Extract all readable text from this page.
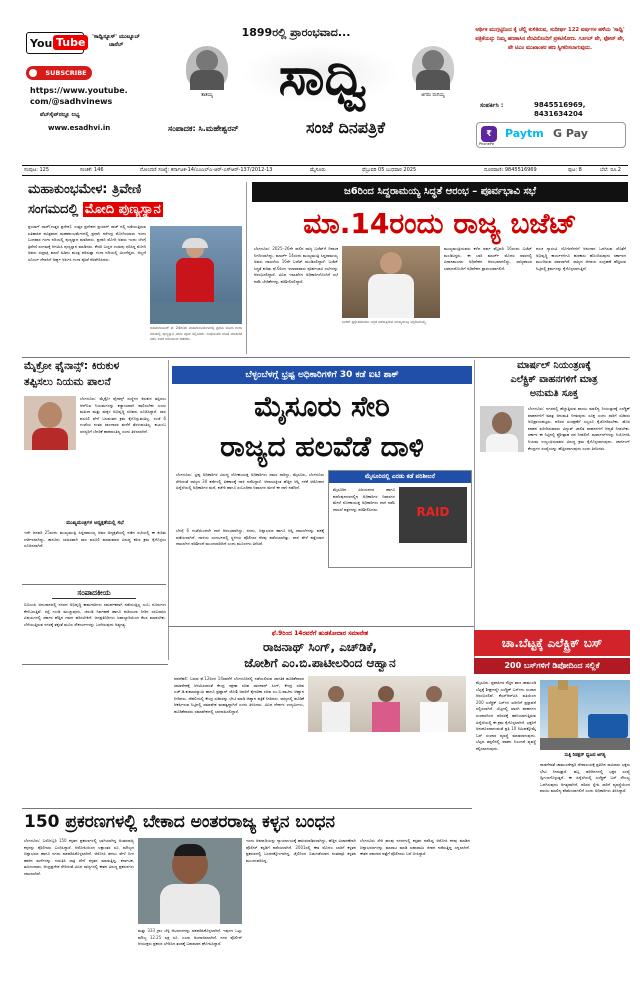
You Tube	'ಸಾಧ್ವಿನ್ಯೂಸ್' ಯುಟ್ಯೂಬ್ ಚಾನೆಲ್
SUBSCRIBE
https://www.youtube.
com/@sadhvinews
ವೆಬ್‌ಸೈಟ್‌ನಲ್ಲೂ ಲಭ್ಯ
www.esadhvi.in
1899ರಲ್ಲಿ ಪ್ರಾರಂಭವಾದ...
ತಾತಯ್ಯ	ಸಾಧ್ವಿ	ಆಗರಂ ರಂಗಯ್ಯ
ಸಂಪಾದಕ: ಸಿ.ಮಹೇಶ್ವರನ್	ಸಂಜೆ ದಿನಪತ್ರಿಕೆ
ಆರ್ಥಿಕ ಮುಗ್ಗಟ್ಟಿನಿಂದ ಕೈ ಚೆಲ್ಲಿ ಕುಳಿತಿರುವ, ಸುದೀರ್ಘ 122 ವರ್ಷಗಳ ಹಳೆಯ 'ಸಾಧ್ವಿ' ಪತ್ರಿಕೆಯನ್ನು ನಿಮ್ಮ ಹಣಕಾಸಿನ ನೆರವಿನೊಂದಿಗೆ ಪ್ರಕಟಿಸೋಣ. ಗೂಗಲ್ ಪೇ, ಫೋನ್ ಪೇ, ಪೇ ಟಿಎಂ ಮುಖಾಂತರ ಹಣ ಸ್ವೀಕರಿಸಲಾಗುವುದು.
ಸಂಪರ್ಕಿಸಿ :	9845516969,
8431634204
₹
PhonePe
Paytm G Pay
ಸಂಪುಟ: 125	ಸಂಚಿಕೆ: 146	ನೋಂದಣಿ ಸಂಖ್ಯೆ: ಕರ್ನಾಟಕ-14/ಎಂಎಲ್ಎ-ಆರ್-ಎಸ್‌ಆರ್-137/2012-13	ಮೈಸೂರು	ಫೆಬ್ರುವರಿ 05 ಬುಧವಾರ 2025	ದೂರವಾಣಿ: 9845516969	ಪುಟ: 8	ಬೆಲೆ: ರೂ.2
ಮಹಾಕುಂಭಮೇಳ: ತ್ರಿವೇಣಿ
ಸಂಗಮದಲ್ಲಿ ಮೋದಿ ಪುಣ್ಯಸ್ನಾನ
ಪ್ರಯಾಗ್ ರಾಜ್(ಉತ್ತರ ಪ್ರದೇಶ): ಉತ್ತರ ಪ್ರದೇಶದ ಪ್ರಯಾಗ್ ರಾಜ್ ನಲ್ಲಿ ನಡೆಯುತ್ತಿರುವ ಐತಿಹಾಸಿಕ ಪವಿತ್ರವಾದ ಮಹಾಕುಂಭಮೇಳದಲ್ಲಿ ಪ್ರಧಾನಿ ನರೇಂದ್ರ ಮೋದಿಯವರು ಇಂದು ಬುಧವಾರ ಗಂಗಾ ನದಿಯಲ್ಲಿ ಪುಣ್ಯಸ್ನಾನ ಮಾಡಿದರು. ಪ್ರಧಾನಿ ಮೋದಿ ಅವರು ಇಂದು ಬೆಳಗ್ಗೆ ತ್ರಿವೇಣಿ ಸಂಗಮಕ್ಕೆ ಆಗಮಿಸಿ ಪುಣ್ಯಸ್ನಾನ ಮಾಡಿದರು. ಕೇಸರಿ ಬಣ್ಣದ ಉಡುಪು ಧರಿಸಿದ್ದ ಮೋದಿ ಅವರು ರುದ್ರಾಕ್ಷಿ ಮಾಲೆ ಹಿಡಿದು ಮಂತ್ರ ಪಠಿಸುತ್ತಾ ಗಂಗಾ ನದಿಯಲ್ಲಿ ಮಿಂದೆದ್ದರು. ಅಲ್ಲದೆ ಸೂರ್ಯ ದೇವನಿಗೆ ಅರ್ಘ್ಯ ಅರ್ಪಿಸಿ ಗಂಗಾ ಪೂಜೆ ನೆರವೇರಿಸಿದರು.
ಅಹಮದಾಬಾದ್ ಫೆ. 24ರಂದು ಮಹಾಕುಂಭಮೇಳದಲ್ಲಿ ಪ್ರಧಾನಿ ಮೋದಿ ಗಂಗಾ ನದಿಯಲ್ಲಿ ಪುಣ್ಯಸ್ನಾನ ಮಾಡಿ ಪೂಜೆ ಸಲ್ಲಿಸಿದರು. ಸಾಧುಸಂತರ ಜೊತೆ ಮಾತುಕತೆ ನಡೆಸಿ ಅವರ ಆಶೀರ್ವಾದ ಪಡೆದರು.
ಜ6ರಿಂದ ಸಿದ್ದರಾಮಯ್ಯ ಸಿದ್ಧತೆ ಆರಂಭ – ಪೂರ್ವಭಾವಿ ಸಭೆ
ಮಾ.14ರಂದು ರಾಜ್ಯ ಬಜೆಟ್
ಬೆಂಗಳೂರು: 2025–26ನೇ ಸಾಲಿನ ರಾಜ್ಯ ಬಜೆಟ್‌ಗೆ ದಿನಾಂಕ ನಿಗದಿಯಾಗಿದ್ದು, ಮಾರ್ಚ್ 14ರಂದು ಮುಖ್ಯಮಂತ್ರಿ ಸಿದ್ದರಾಮಯ್ಯ ಅವರು ದಾಖಲೆಯ 16ನೇ ಬಜೆಟ್ ಮಂಡಿಸಲಿದ್ದಾರೆ. ಬಜೆಟ್ ಸಿದ್ಧತೆ ಕುರಿತು ಫೆ.6ರಿಂದ ಇಲಾಖಾವಾರು ಪೂರ್ವಭಾವಿ ಸಭೆಗಳನ್ನು ಆರಂಭಿಸಲಿದ್ದಾರೆ. ವಿವಿಧ ಇಲಾಖೆಗಳ ಅಧಿಕಾರಿಗಳೊಂದಿಗೆ ಸಭೆ ನಡೆಸಿ ಬೇಡಿಕೆಗಳನ್ನು ಪರಿಶೀಲಿಸಲಿದ್ದಾರೆ.
ಬಜೆಟ್ ಪ್ರಸ್ತುತಪಡಿಸಲು ಸಿದ್ಧತೆ ನಡೆಸುತ್ತಿರುವ ಮುಖ್ಯಮಂತ್ರಿ ಸಿದ್ದರಾಮಯ್ಯ.
ಮುಖ್ಯಮಂತ್ರಿಯವರು ಕಳೆದ ವರ್ಷ ಫೆಬ್ರವರಿ 16ರಂದು ಬಜೆಟ್ ಮಂಡಿಸಿದ್ದರು. ಈ ಬಾರಿ ಮಾರ್ಚ್ ಮೊದಲ ವಾರದಲ್ಲಿ ವಿಧಾನಮಂಡಲ ಅಧಿವೇಶನ ಆರಂಭವಾಗಲಿದ್ದು, ರಾಜ್ಯಪಾಲರ ಭಾಷಣದೊಂದಿಗೆ ಅಧಿವೇಶನ ಪ್ರಾರಂಭವಾಗಲಿದೆ.
ಪಂಚ ಗ್ಯಾರಂಟಿ ಯೋಜನೆಗಳಿಗೆ ಅನುದಾನ ಒದಗಿಸುವ ಜೊತೆಗೆ ಅಭಿವೃದ್ಧಿ ಕಾರ್ಯಗಳಿಗೂ ಹಣಕಾಸು ಹೊಂದಿಸುವುದು ಸರ್ಕಾರದ ಮುಂದಿರುವ ಸವಾಲಾಗಿದೆ. ರಾಜ್ಯದ ಆದಾಯ ಸಂಗ್ರಹಣೆ ಹೆಚ್ಚಿಸುವ ನಿಟ್ಟಿನಲ್ಲಿ ಕ್ರಮಗಳನ್ನು ಕೈಗೊಳ್ಳಲಾಗುತ್ತಿದೆ.
ಮೈಕ್ರೋ ಫೈನಾನ್ಸ್: ಕಿರುಕುಳ
ತಪ್ಪಿಸಲು ನಿಯಮ ಪಾಲನೆ
ಬೆಂಗಳೂರು: ಮೈಕ್ರೋ ಫೈನಾನ್ಸ್ ಸಂಸ್ಥೆಗಳ ಕಿರುಕುಳ ತಪ್ಪಿಸಲು ಆರ್‌ಬಿಐ ನಿಯಮಗಳನ್ನು ಕಡ್ಡಾಯವಾಗಿ ಪಾಲಿಸಬೇಕು ಎಂದು ಮಹಿಳಾ ಮತ್ತು ಮಕ್ಕಳ ಅಭಿವೃದ್ಧಿ ಸಚಿವರು ಸೂಚಿಸಿದ್ದಾರೆ. ಸಾಲ ವಸೂಲಿ ವೇಳೆ ಬಲವಂತದ ಕ್ರಮ ಕೈಗೊಳ್ಳುವಂತಿಲ್ಲ. ಸಂಜೆ 6 ಗಂಟೆಯ ನಂತರ ಸಾಲಗಾರರ ಮನೆಗೆ ತೆರಳುವಂತಿಲ್ಲ. ಕುಟುಂಬ ಸದಸ್ಯರಿಗೆ ಬೆದರಿಕೆ ಹಾಕುವಂತಿಲ್ಲ ಎಂದು ತಿಳಿಸಲಾಗಿದೆ.
ಮುಖ್ಯಮಂತ್ರಿಗಳ ಅಧ್ಯಕ್ಷತೆಯಲ್ಲಿ ಸಭೆ
ಇದೇ ಜನವರಿ 25ರಂದು ಮುಖ್ಯಮಂತ್ರಿ ಸಿದ್ದರಾಮಯ್ಯ ಅವರ ಅಧ್ಯಕ್ಷತೆಯಲ್ಲಿ ನಡೆದ ಸಭೆಯಲ್ಲಿ ಈ ಕುರಿತು ಚರ್ಚಿಸಲಾಗಿದ್ದು, ಕಾನೂನು ಬಾಹಿರವಾಗಿ ಸಾಲ ವಸೂಲಿ ಮಾಡುವವರ ವಿರುದ್ಧ ಕಠಿಣ ಕ್ರಮ ಕೈಗೊಳ್ಳಲು ಸೂಚಿಸಲಾಗಿದೆ.
ಸಂಪಾದಕೀಯ
ಬಿಬಿಎಂಪಿ ಅನುದಾನದಲ್ಲಿ ನಗರದ ಅಭಿವೃದ್ಧಿ ಕಾಮಗಾರಿಗಳು ಸಮರ್ಪಕವಾಗಿ ನಡೆಯುತ್ತಿಲ್ಲ ಎಂಬ ದೂರುಗಳು ಕೇಳಿಬರುತ್ತಿವೆ. ರಸ್ತೆ ಗುಂಡಿ ಮುಚ್ಚುವುದು, ಚರಂಡಿ ನಿರ್ವಹಣೆ ಹಾಗೂ ಕುಡಿಯುವ ನೀರಿನ ಸರಬರಾಜು ವಿಷಯಗಳಲ್ಲಿ ಸರ್ಕಾರ ಹೆಚ್ಚಿನ ಗಮನ ಹರಿಸಬೇಕಿದೆ. ಜನಪ್ರತಿನಿಧಿಗಳು ಜವಾಬ್ದಾರಿಯಿಂದ ಕೆಲಸ ಮಾಡಬೇಕು. ಬೆಳೆಯುತ್ತಿರುವ ನಗರಕ್ಕೆ ತಕ್ಕಂತೆ ಮೂಲ ಸೌಕರ್ಯಗಳನ್ನು ಒದಗಿಸುವುದು ಅತ್ಯಗತ್ಯ.
ಬೆಳ್ಳಂಬೆಳಗ್ಗೆ ಭ್ರಷ್ಟ ಅಧಿಕಾರಿಗಳಿಗೆ 30 ಕಡೆ ಐಟಿ ಶಾಕ್
ಮೈಸೂರು ಸೇರಿ
ರಾಜ್ಯದ ಹಲವೆಡೆ ದಾಳಿ
ಬೆಂಗಳೂರು: ಭ್ರಷ್ಟ ಅಧಿಕಾರಿಗಳ ವಿರುದ್ಧ ಲೋಕಾಯುಕ್ತ ಅಧಿಕಾರಿಗಳು ಸಮರ ಸಾರಿದ್ದು, ಮೈಸೂರು, ಬೆಂಗಳೂರು ಸೇರಿದಂತೆ ರಾಜ್ಯದ 30 ಕಡೆಗಳಲ್ಲಿ ಏಕಕಾಲಕ್ಕೆ ದಾಳಿ ನಡೆಸಿದ್ದಾರೆ. ಆದಾಯಕ್ಕಿಂತ ಹೆಚ್ಚಿನ ಆಸ್ತಿ ಗಳಿಕೆ ಆರೋಪದ ಹಿನ್ನೆಲೆಯಲ್ಲಿ ಅಧಿಕಾರಿಗಳ ಮನೆ, ಕಚೇರಿ ಹಾಗೂ ಸಂಬಂಧಿಕರ ನಿವಾಸಗಳ ಮೇಲೆ ಈ ದಾಳಿ ನಡೆದಿದೆ.
ಮೈಸೂರಿನಲ್ಲಿ ಎರಡು ಕಡೆ ಪರಿಶೀಲನೆ
ಮೈಸೂರಿನ ವಿಜಯನಗರ ಹಾಗೂ ಕುವೆಂಪುನಗರದಲ್ಲಿನ ಅಧಿಕಾರಿಗಳ ನಿವಾಸಗಳ ಮೇಲೆ ಲೋಕಾಯುಕ್ತ ಅಧಿಕಾರಿಗಳು ದಾಳಿ ನಡೆಸಿ ದಾಖಲೆ ಪತ್ರಗಳನ್ನು ಪರಿಶೀಲಿಸಿದರು.	RAID
ಬೆಳಗ್ಗೆ 6 ಗಂಟೆಯಿಂದಲೇ ದಾಳಿ ಆರಂಭವಾಗಿದ್ದು, ನಗದು, ಚಿನ್ನಾಭರಣ ಹಾಗೂ ಆಸ್ತಿ ದಾಖಲೆಗಳನ್ನು ವಶಕ್ಕೆ ಪಡೆಯಲಾಗಿದೆ. ದಾಳಿಯ ಸಂದರ್ಭದಲ್ಲಿ ಸ್ಥಳೀಯ ಪೊಲೀಸರ ನೆರವು ಪಡೆಯಲಾಗಿತ್ತು. ದಾಳಿ ವೇಳೆ ಪತ್ತೆಯಾದ ದಾಖಲೆಗಳ ಪರಿಶೀಲನೆ ಮುಂದುವರಿದಿದೆ ಎಂದು ಮೂಲಗಳು ತಿಳಿಸಿವೆ.
ಮಾರ್ಷಲ್ ನಿಯಂತ್ರಣಕ್ಕೆ
ಎಲೆಕ್ಟ್ರಿಕ್ ವಾಹನಗಳಿಗೆ ಮಾತ್ರ
ಅನುಮತಿ ಸೂಕ್ತ
ಬೆಂಗಳೂರು: ನಗರದಲ್ಲಿ ಹೆಚ್ಚುತ್ತಿರುವ ವಾಯು ಮಾಲಿನ್ಯ ನಿಯಂತ್ರಣಕ್ಕೆ ಎಲೆಕ್ಟ್ರಿಕ್ ವಾಹನಗಳಿಗೆ ಮಾತ್ರ ಅನುಮತಿ ನೀಡುವುದು ಸೂಕ್ತ ಎಂದು ಸಾರಿಗೆ ಸಚಿವರು ಅಭಿಪ್ರಾಯಪಟ್ಟರು. ಪರಿಸರ ಸಂರಕ್ಷಣೆಗೆ ಎಲ್ಲರೂ ಕೈಜೋಡಿಸಬೇಕು. ಹೊಸ ವಾಹನ ಖರೀದಿಸುವವರು ವಿದ್ಯುತ್ ಚಾಲಿತ ವಾಹನಗಳಿಗೆ ಆದ್ಯತೆ ನೀಡಬೇಕು. ಸರ್ಕಾರ ಈ ನಿಟ್ಟಿನಲ್ಲಿ ಪ್ರೋತ್ಸಾಹ ಧನ ನೀಡಲಿದೆ. ಮಾರ್ಷಲ್‌ಗಳನ್ನು ನಿಯೋಜಿಸಿ ನಿಯಮ ಉಲ್ಲಂಘಿಸುವವರ ವಿರುದ್ಧ ಕ್ರಮ ಕೈಗೊಳ್ಳಲಾಗುವುದು. ಚಾರ್ಜಿಂಗ್ ಕೇಂದ್ರಗಳ ಸಂಖ್ಯೆಯನ್ನು ಹೆಚ್ಚಿಸಲಾಗುವುದು ಎಂದು ತಿಳಿಸಿದರು.
ಫೆ.9ರಿಂದ 14ರವರೆಗೆ ಹುಡಕೋದಾರ ಸಮಾವೇಶ
ರಾಜನಾಥ್ ಸಿಂಗ್, ಎಚ್‌ಡಿಕೆ,
ಜೋಶಿಗೆ ಎಂ.ಬಿ.ಪಾಟೀಲರಿಂದ ಆಹ್ವಾನ
ನವದೆಹಲಿ: ಬರುವ ಫೆ.12ರಿಂದ 14ರವರೆಗೆ ಬೆಂಗಳೂರಿನಲ್ಲಿ ನಡೆಯಲಿರುವ ಜಾಗತಿಕ ಹೂಡಿಕೆದಾರರ ಸಮಾವೇಶಕ್ಕೆ ಆಗಮಿಸುವಂತೆ ಕೇಂದ್ರ ರಕ್ಷಣಾ ಸಚಿವ ರಾಜನಾಥ್ ಸಿಂಗ್, ಕೇಂದ್ರ ಸಚಿವ ಎಚ್.ಡಿ.ಕುಮಾರಸ್ವಾಮಿ ಹಾಗೂ ಪ್ರಹ್ಲಾದ್ ಜೋಶಿ ಅವರಿಗೆ ಕೈಗಾರಿಕಾ ಸಚಿವ ಎಂ.ಬಿ.ಪಾಟೀಲ ಆಹ್ವಾನ ನೀಡಿದರು. ದೆಹಲಿಯಲ್ಲಿ ಕೇಂದ್ರ ಸಚಿವರನ್ನು ಭೇಟಿ ಮಾಡಿ ಆಹ್ವಾನ ಪತ್ರಿಕೆ ನೀಡಿದರು. ರಾಜ್ಯದಲ್ಲಿ ಹೂಡಿಕೆ ಆಕರ್ಷಿಸುವ ನಿಟ್ಟಿನಲ್ಲಿ ಸಮಾವೇಶ ಮಹತ್ವದ್ದಾಗಿದೆ ಎಂದು ತಿಳಿಸಿದರು. ವಿವಿಧ ದೇಶಗಳ ಉದ್ಯಮಿಗಳು, ಹೂಡಿಕೆದಾರರು ಸಮಾವೇಶದಲ್ಲಿ ಭಾಗವಹಿಸಲಿದ್ದಾರೆ.
ಚಾ.ಬೆಟ್ಟಕ್ಕೆ ಎಲೆಕ್ಟ್ರಿಕ್ ಬಸ್
200 ಬಸ್‌ಗಳಿಗೆ ಡಿಪೋದಿಂದ ಸಲ್ಲಿಕೆ
ಮೈಸೂರು: ಪ್ರವಾಸಿಗರ ನೆಚ್ಚಿನ ತಾಣ ಚಾಮುಂಡಿ ಬೆಟ್ಟಕ್ಕೆ ಶೀಘ್ರದಲ್ಲೇ ಎಲೆಕ್ಟ್ರಿಕ್ ಬಸ್‌ಗಳು ಸಂಚಾರ ಆರಂಭಿಸಲಿವೆ. ಕೆಎಸ್‌ಆರ್‌ಟಿಸಿ ವತಿಯಿಂದ 200 ಎಲೆಕ್ಟ್ರಿಕ್ ಬಸ್‌ಗಳ ಖರೀದಿಗೆ ಪ್ರಸ್ತಾವನೆ ಸಲ್ಲಿಸಲಾಗಿದೆ. ಬೆಟ್ಟದಲ್ಲಿ ಖಾಸಗಿ ವಾಹನಗಳ ಸಂಚಾರದಿಂದ ಪರಿಸರಕ್ಕೆ ಹಾನಿಯಾಗುತ್ತಿರುವ ಹಿನ್ನೆಲೆಯಲ್ಲಿ ಈ ಕ್ರಮ ಕೈಗೊಳ್ಳಲಾಗಿದೆ. ಭಕ್ತರಿಗೆ ಅನುಕೂಲವಾಗುವಂತೆ ಪ್ರತಿ 10 ನಿಮಿಷಕ್ಕೊಮ್ಮೆ ಬಸ್ ಸಂಚಾರ ವ್ಯವಸ್ಥೆ ಮಾಡಲಾಗುವುದು. ಬೆಟ್ಟದ ತಪ್ಪಲಿನಲ್ಲಿ ವಾಹನ ನಿಲುಗಡೆ ವ್ಯವಸ್ಥೆ ಕಲ್ಪಿಸಲಾಗುವುದು.
ಸುತ್ತಿ ರಿಡಕ್ಷನ್ ಧ್ವಜದ ಅಗತ್ಯ
ನಾಡದೇವತೆ ಚಾಮುಂಡೇಶ್ವರಿ ದೇವಾಲಯಕ್ಕೆ ಪ್ರತಿದಿನ ಸಾವಿರಾರು ಭಕ್ತರು ಭೇಟಿ ನೀಡುತ್ತಾರೆ. ಹಬ್ಬ ಹರಿದಿನಗಳಲ್ಲಿ ಭಕ್ತರ ಸಂಖ್ಯೆ ದ್ವಿಗುಣಗೊಳ್ಳುತ್ತದೆ. ಈ ಹಿನ್ನೆಲೆಯಲ್ಲಿ ಎಲೆಕ್ಟ್ರಿಕ್ ಬಸ್ ಸೌಲಭ್ಯ ಒದಗಿಸುವುದು ಅಗತ್ಯವಾಗಿದೆ. ಪರಿಸರ ಸ್ನೇಹಿ ಸಾರಿಗೆ ವ್ಯವಸ್ಥೆಯಿಂದ ವಾಯು ಮಾಲಿನ್ಯ ಕಡಿಮೆಯಾಗಲಿದೆ ಎಂದು ಅಧಿಕಾರಿಗಳು ತಿಳಿಸಿದ್ದಾರೆ.
150 ಪ್ರಕರಣಗಳಲ್ಲಿ ಬೇಕಾದ ಅಂತರರಾಜ್ಯ ಕಳ್ಳನ ಬಂಧನ
ಬೆಂಗಳೂರು: ಬರೋಬ್ಬರಿ 150 ಕಳ್ಳತನ ಪ್ರಕರಣಗಳಲ್ಲಿ ಭಾಗಿಯಾಗಿದ್ದ ಅಂತರರಾಜ್ಯ ಕಳ್ಳನನ್ನು ಪೊಲೀಸರು ಬಂಧಿಸಿದ್ದಾರೆ. ಆರೋಪಿಯಿಂದ ಲಕ್ಷಾಂತರ ರೂ. ಮೌಲ್ಯದ ಚಿನ್ನಾಭರಣ ಹಾಗೂ ನಗದು ವಶಪಡಿಸಿಕೊಳ್ಳಲಾಗಿದೆ. ಆರೋಪಿ ಹಗಲು ವೇಳೆ ಬೀಗ ಹಾಕಿದ ಮನೆಗಳನ್ನು ಗುರುತಿಸಿ ರಾತ್ರಿ ವೇಳೆ ಕಳ್ಳತನ ಮಾಡುತ್ತಿದ್ದ. ಕರ್ನಾಟಕ, ತಮಿಳುನಾಡು, ಆಂಧ್ರಪ್ರದೇಶ ಸೇರಿದಂತೆ ವಿವಿಧ ರಾಜ್ಯಗಳಲ್ಲಿ ಈತನ ವಿರುದ್ಧ ಪ್ರಕರಣಗಳು ದಾಖಲಾಗಿವೆ.
ಮತ್ತು 333 ಗ್ರಾಂ ಬೆಳ್ಳಿ ಆಭರಣಗಳನ್ನು ವಶಪಡಿಸಿಕೊಳ್ಳಲಾಗಿದೆ. ಇವುಗಳ ಒಟ್ಟು ಮೌಲ್ಯ 12.25 ಲಕ್ಷ ರೂ. ಎಂದು ಅಂದಾಜಿಸಲಾಗಿದೆ. ನಗರ ಪೊಲೀಸ್ ಆಯುಕ್ತರು ಪ್ರಕರಣ ಭೇದಿಸಿದ ತಂಡಕ್ಕೆ ಬಹುಮಾನ ಘೋಷಿಸಿದ್ದಾರೆ.
ಇಂದು ಅಪರಾಧಿಯನ್ನು ನ್ಯಾಯಾಲಯಕ್ಕೆ ಹಾಜರುಪಡಿಸಲಾಗಿದ್ದು, ಹೆಚ್ಚಿನ ವಿಚಾರಣೆಗಾಗಿ ಪೊಲೀಸ್ ಕಸ್ಟಡಿಗೆ ಪಡೆಯಲಾಗಿದೆ. 2001ರಲ್ಲಿ ಈತ ಮೊದಲ ಬಾರಿಗೆ ಕಳ್ಳತನ ಪ್ರಕರಣದಲ್ಲಿ ಬಂಧನಕ್ಕೊಳಗಾಗಿದ್ದ. ಜೈಲಿನಿಂದ ಬಿಡುಗಡೆಯಾದ ನಂತರವೂ ಕಳ್ಳತನ ಮುಂದುವರಿಸಿದ್ದ.
ಬೆಂಗಳೂರು ಸೇರಿ ಹಲವು ನಗರಗಳಲ್ಲಿ ಕಳ್ಳತನ ನಡೆಸಿದ್ದ ಆರೋಪಿ ಕಳವು ಮಾಡಿದ ಚಿನ್ನಾಭರಣಗಳನ್ನು ಮಾರಾಟ ಮಾಡಿ ಐಷಾರಾಮಿ ಜೀವನ ನಡೆಸುತ್ತಿದ್ದ ಎನ್ನಲಾಗಿದೆ. ಈತನ ಸಹಚರರ ಪತ್ತೆಗೆ ಪೊಲೀಸರು ಬಲೆ ಬೀಸಿದ್ದಾರೆ.
